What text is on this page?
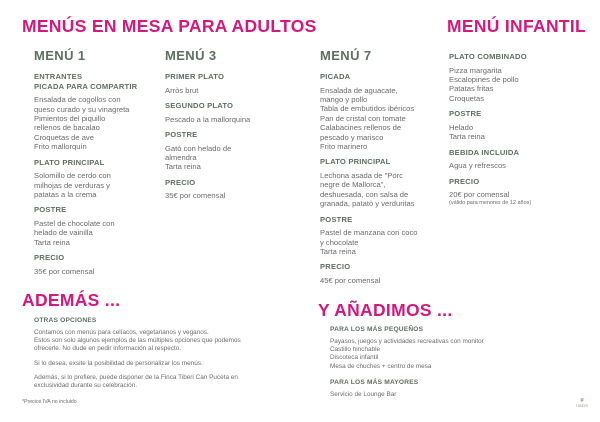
MENÚS EN MESA PARA ADULTOS	MENÚ INFANTIL
ADEMÁS ...	Y AÑADIMOS ...
MENÚ 1
ENTRANTES
PICADA PARA COMPARTIR
Ensalada de cogollos con
queso curado y su vinagreta
Pimientos del piquillo
rellenos de bacalao
Croquetas de ave
Frito mallorquín
PLATO PRINCIPAL
Solomillo de cerdo con
milhojas de verduras y
patatas a la crema
POSTRE
Pastel de chocolate con
helado de vainilla
Tarta reina
PRECIO
35€ por comensal
MENÚ 3
PRIMER PLATO
Arròs brut
SEGUNDO PLATO
Pescado a la mallorquina
POSTRE
Gató con helado de
almendra
Tarta reina
PRECIO
35€ por comensal
MENÚ 7
PICADA
Ensalada de aguacate,
mango y pollo
Tabla de embutidos ibéricos
Pan de cristal con tomate
Calabacines rellenos de
pescado y marisco
Frito marinero
PLATO PRINCIPAL
Lechona asada de "Porc
negre de Mallorca",
deshuesada, con salsa de
granada, patatò y verduritas
POSTRE
Pastel de manzana con coco
y chocolate
Tarta reina
PRECIO
45€ por comensal
PLATO COMBINADO
Pizza margarita
Escalopines de pollo
Patatas fritas
Croquetas
POSTRE
Helado
Tarta reina
BEBIDA INCLUIDA
Agua y refrescos
PRECIO
20€ por comensal
(válido para menores de 12 años)
OTRAS OPCIONES
Contamos con menús para celíacos, vegetarianos y veganos.
Estos son solo algunos ejemplos de las múltiples opciones que podemos
ofrecerle. No dude en pedir información al respecto.
Si lo desea, exsite la posibilidad de personalizar los menús.
Además, si lo prefiere, puede disponer de la Finca Tiberi Can Puceta en
exclusividad durante su celebración.
*Precios IVA no incluido
PARA LOS MÁS PEQUEÑOS
Payasos, juegos y actividades recreativas con monitor
Castillo hinchable
Discoteca infantil
Mesa de chuches + centro de mesa
PARA LOS MÁS MAYORES
Servicio de Lounge Bar
❦
TIBERI
